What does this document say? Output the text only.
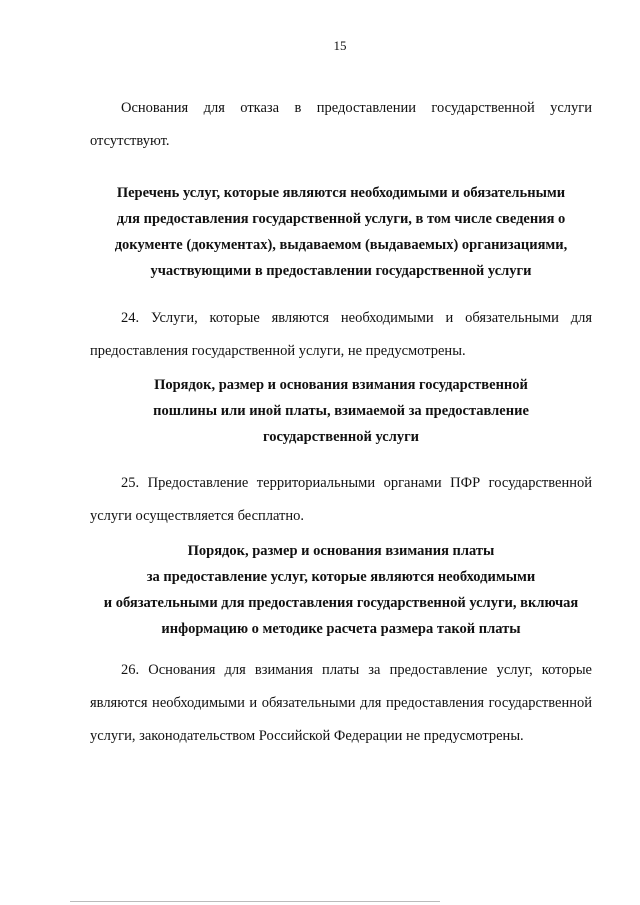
15

Основания для отказа в предоставлении государственной услуги отсутствуют.

Перечень услуг, которые являются необходимыми и обязательными
для предоставления государственной услуги, в том числе сведения о
документе (документах), выдаваемом (выдаваемых) организациями,
участвующими в предоставлении государственной услуги

24. Услуги, которые являются необходимыми и обязательными для предоставления государственной услуги, не предусмотрены.

Порядок, размер и основания взимания государственной
пошлины или иной платы, взимаемой за предоставление
государственной услуги

25. Предоставление территориальными органами ПФР государственной услуги осуществляется бесплатно.

Порядок, размер и основания взимания платы
за предоставление услуг, которые являются необходимыми
и обязательными для предоставления государственной услуги, включая
информацию о методике расчета размера такой платы

26. Основания для взимания платы за предоставление услуг, которые являются необходимыми и обязательными для предоставления государственной услуги, законодательством Российской Федерации не предусмотрены.
